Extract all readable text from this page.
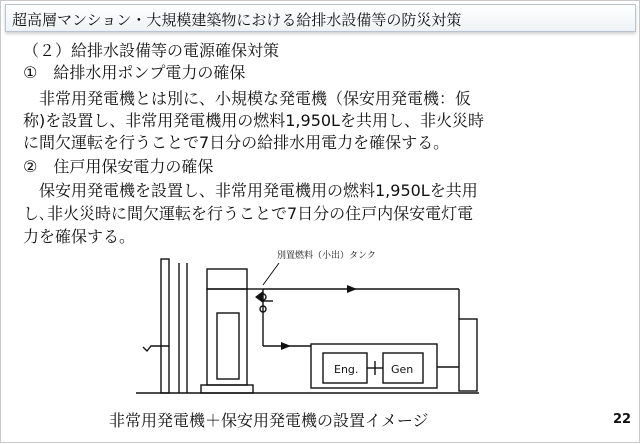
超高層マンション・大規模建築物における給排水設備等の防災対策
（２）給排水設備等の電源確保対策
①　給排水用ポンプ電力の確保
　非常用発電機とは別に、小規模な発電機（保安用発電機：仮
称)を設置し、非常用発電機用の燃料1,950Lを共用し、非火災時
に間欠運転を行うことで7日分の給排水用電力を確保する。
②　住戸用保安電力の確保
　保安用発電機を設置し、非常用発電機用の燃料1,950Lを共用
し､非火災時に間欠運転を行うことで7日分の住戸内保安電灯電
力を確保する。
別置燃料（小出）タンク
Eng.	Gen
非常用発電機＋保安用発電機の設置イメージ	22
